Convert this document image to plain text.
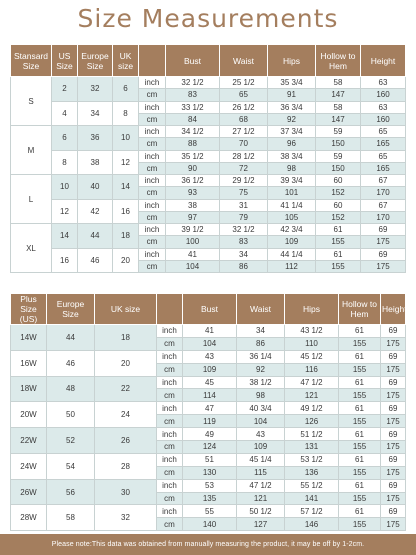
Size Measurements
Stansard Size	US Size	Europe Size	UK size		Bust	Waist	Hips	Hollow to Hem	Height
S	2	32	6	inch	32 1/2	25 1/2	35 3/4	58	63
				cm	83	65	91	147	160
	4	34	8	inch	33 1/2	26 1/2	36 3/4	58	63
				cm	84	68	92	147	160
M	6	36	10	inch	34 1/2	27 1/2	37 3/4	59	65
				cm	88	70	96	150	165
	8	38	12	inch	35 1/2	28 1/2	38 3/4	59	65
				cm	90	72	98	150	165
L	10	40	14	inch	36 1/2	29 1/2	39 3/4	60	67
				cm	93	75	101	152	170
	12	42	16	inch	38	31	41 1/4	60	67
				cm	97	79	105	152	170
XL	14	44	18	inch	39 1/2	32 1/2	42 3/4	61	69
				cm	100	83	109	155	175
	16	46	20	inch	41	34	44 1/4	61	69
				cm	104	86	112	155	175
Plus Size (US)	Europe Size	UK size		Bust	Waist	Hips	Hollow to Hem	Height
14W	44	18	inch	41	34	43 1/2	61	69
			cm	104	86	110	155	175
16W	46	20	inch	43	36 1/4	45 1/2	61	69
			cm	109	92	116	155	175
18W	48	22	inch	45	38 1/2	47 1/2	61	69
			cm	114	98	121	155	175
20W	50	24	inch	47	40 3/4	49 1/2	61	69
			cm	119	104	126	155	175
22W	52	26	inch	49	43	51 1/2	61	69
			cm	124	109	131	155	175
24W	54	28	inch	51	45 1/4	53 1/2	61	69
			cm	130	115	136	155	175
26W	56	30	inch	53	47 1/2	55 1/2	61	69
			cm	135	121	141	155	175
28W	58	32	inch	55	50 1/2	57 1/2	61	69
			cm	140	127	146	155	175
Please note:This data was obtained from manually measuring the product, it may be off by 1-2cm.
